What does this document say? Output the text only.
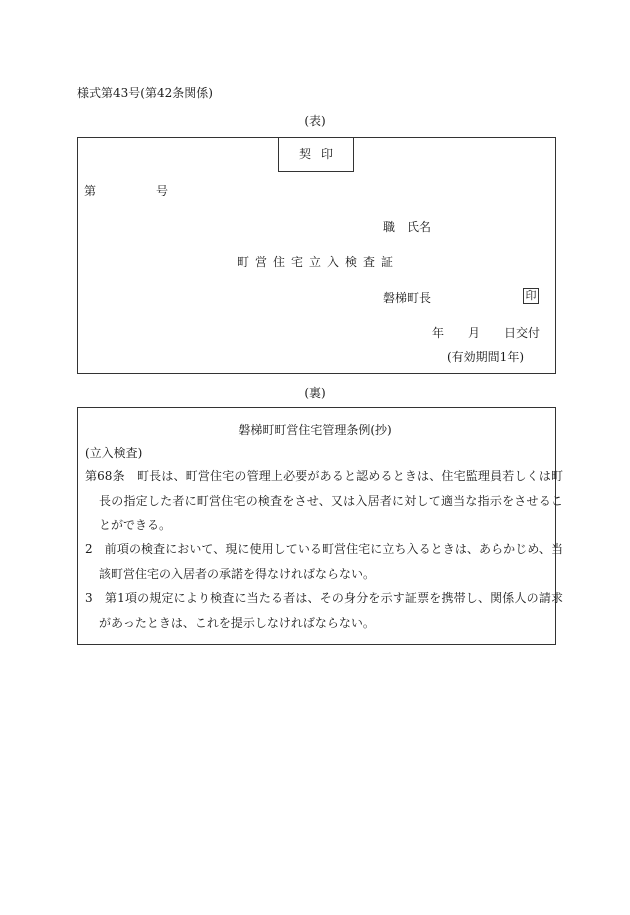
様式第43号(第42条関係)
(表)
契印
第	号
職　氏名
町営住宅立入検査証
磐梯町長	印
年　　月　　日交付
(有効期間1年)
(裏)
磐梯町町営住宅管理条例(抄)
(立入検査)
第68条　町長は、町営住宅の管理上必要があると認めるときは、住宅監理員若しくは町長の指定した者に町営住宅の検査をさせ、又は入居者に対して適当な指示をさせることができる。
2　前項の検査において、現に使用している町営住宅に立ち入るときは、あらかじめ、当該町営住宅の入居者の承諾を得なければならない。
3　第1項の規定により検査に当たる者は、その身分を示す証票を携帯し、関係人の請求があったときは、これを提示しなければならない。
